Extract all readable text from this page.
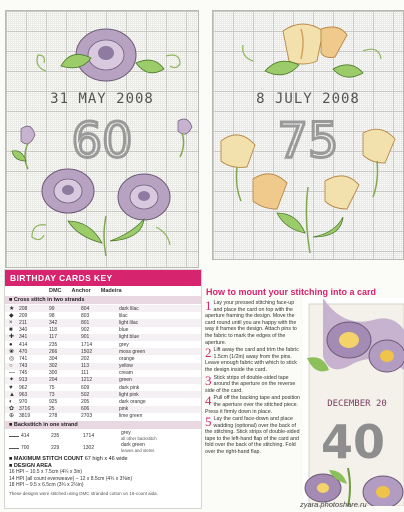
31 MAY 2008
60
8 JULY 2008
75
BIRTHDAY CARDS KEY
DMC Anchor Madeira
■ Cross stitch in two strands
★ 208	99	804	dark lilac
◆	209	98	803	lilac
×	211	342	801	light lilac
■	340	118	902	blue
✚ 341	117	901	light blue
●	414	235	1714	grey
❀ 470	266	1502	moss green
◎ 741	304	202	orange
○	743	302	113	yellow
— 745	300	111	cream
✦ 913	204	1212	green
♥	962	75	609	dark pink
▲ 963	73	502	light pink
◐	970	925	205	dark orange
✿ 3716	25	606	pink
⊕ 3819	278	2703	lime green
■ Backstitch in one strand
414	235	1714
grey
all other backstitch
700	229	1302
dark green
leaves and stems
■ MAXIMUM STITCH COUNT 67 high x 46 wide
■ DESIGN AREA
16 HPI – 10.5 x 7.5cm (4¼ x 3in)
14 HPI (all count evenweave) – 12 x 8.5cm (4¾ x 3⅜in)
18 HPI – 9.5 x 6.5cm (3¾ x 2½in)
These designs were stitched using DMC stranded cotton on 16-count aida.
How to mount your stitching into a card
1 Lay your pressed stitching face-up and place the card on top with the aperture framing the design. Move the card round until you are happy with the way it frames the design. Attach pins to the fabric to mark the edges of the aperture.
2 Lift away the card and trim the fabric 1.5cm (1/2in) away from the pins. Leave enough fabric with which to stick the design inside the card.
3 Stick strips of double-sided tape around the aperture on the reverse side of the card.
4 Pull off the backing tape and position the aperture over the stitched piece. Press it firmly down in place.
5 Lay the card face-down and place wadding (optional) over the back of the stitching. Stick strips of double-sided tape to the left-hand flap of the card and fold over the back of the stitching. Fold over the right-hand flap.
DECEMBER 20
40
zyara.photoshare.ru
